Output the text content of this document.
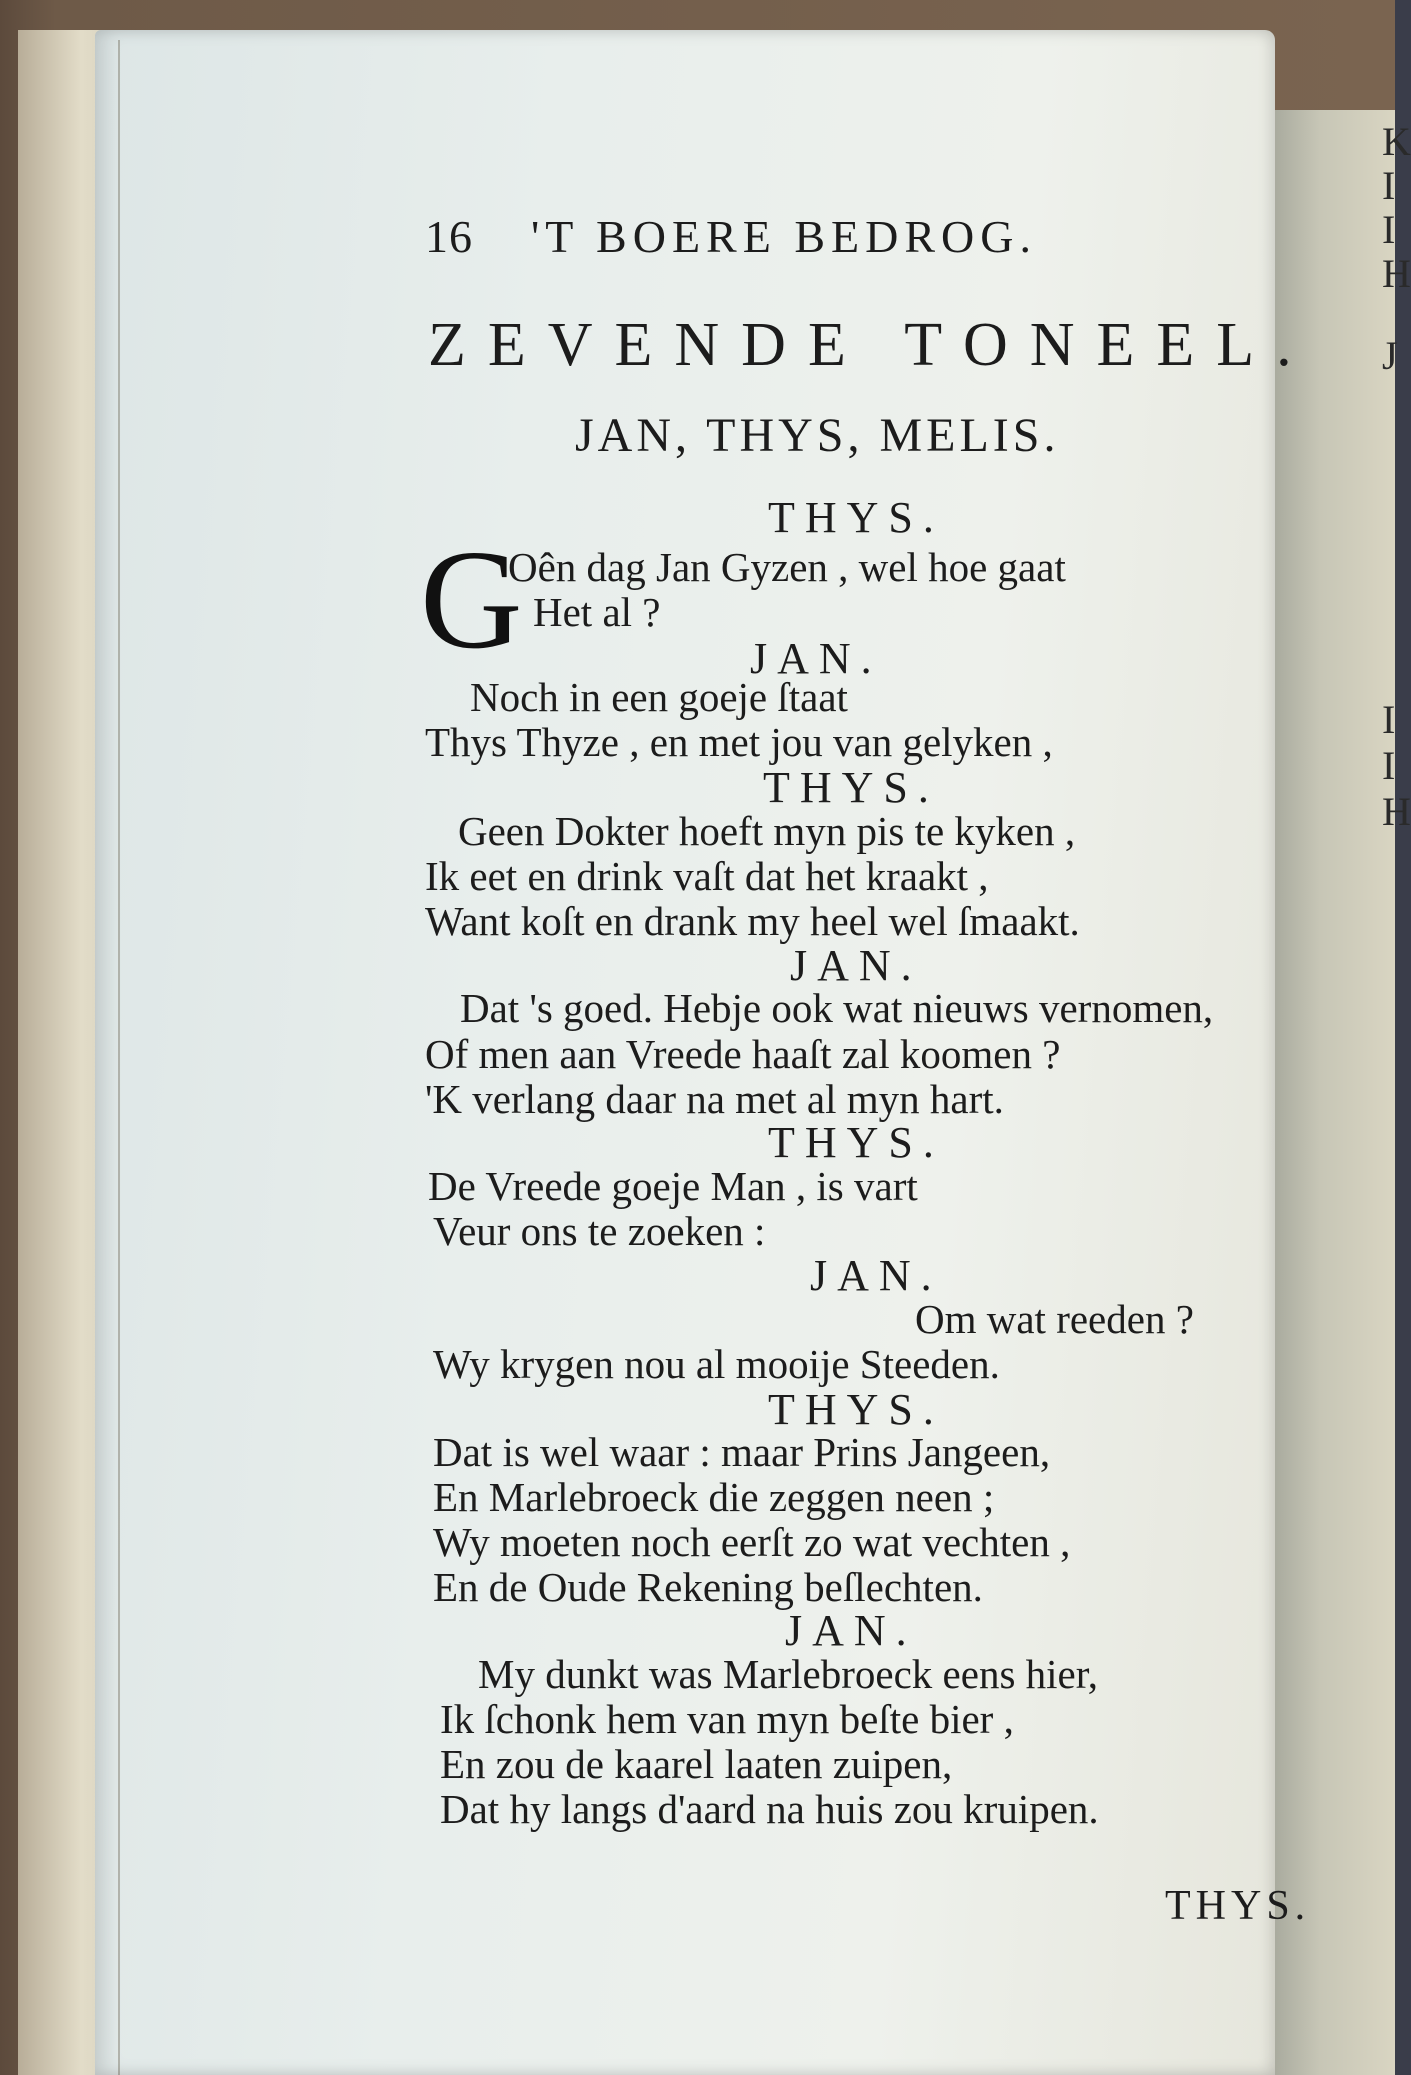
K
I
I
H
J
I
I
H
16 'T BOERE BEDROG.
ZEVENDE TONEEL.
JAN, THYS, MELIS.
G
THYS.
Oên dag Jan Gyzen , wel hoe gaat
Het al ?
JAN.
Noch in een goeje ſtaat
Thys Thyze , en met jou van gelyken ,
THYS.
Geen Dokter hoeft myn pis te kyken ,
Ik eet en drink vaſt dat het kraakt ,
Want koſt en drank my heel wel ſmaakt.
JAN.
Dat 's goed. Hebje ook wat nieuws vernomen,
Of men aan Vreede haaſt zal koomen ?
'K verlang daar na met al myn hart.
THYS.
De Vreede goeje Man , is vart
Veur ons te zoeken :
JAN.
Om wat reeden ?
Wy krygen nou al mooije Steeden.
THYS.
Dat is wel waar : maar Prins Jangeen,
En Marlebroeck die zeggen neen ;
Wy moeten noch eerſt zo wat vechten ,
En de Oude Rekening beſlechten.
JAN.
My dunkt was Marlebroeck eens hier,
Ik ſchonk hem van myn beſte bier ,
En zou de kaarel laaten zuipen,
Dat hy langs d'aard na huis zou kruipen.
THYS.
